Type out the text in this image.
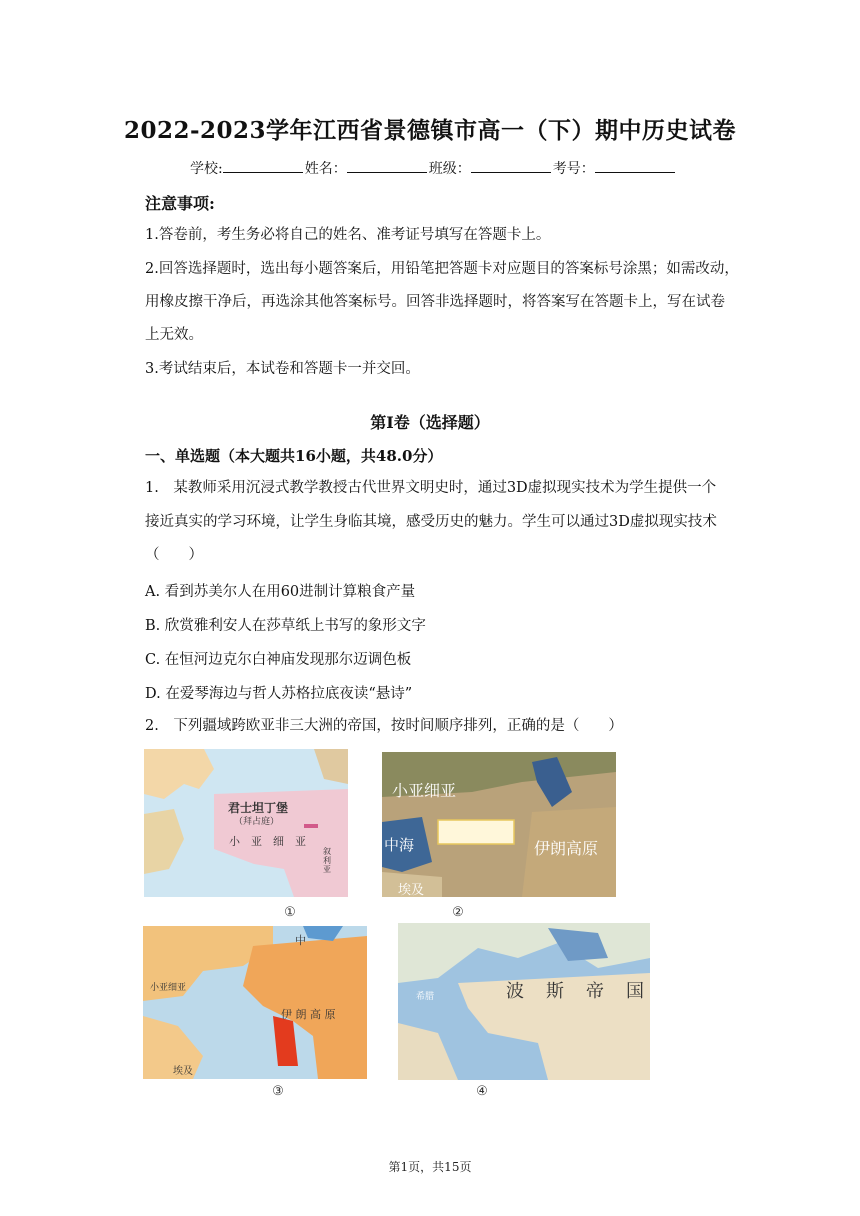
2022-2023学年江西省景德镇市高一（下）期中历史试卷
学校:	姓名：	班级：	考号：
注意事项:
1.答卷前，考生务必将自己的姓名、准考证号填写在答题卡上。
2.回答选择题时，选出每小题答案后，用铅笔把答题卡对应题目的答案标号涂黑；如需改动，
用橡皮擦干净后，再选涂其他答案标号。回答非选择题时，将答案写在答题卡上，写在试卷
上无效。
3.考试结束后，本试卷和答题卡一并交回。
第I卷（选择题）
一、单选题（本大题共16小题，共48.0分）
1.　某教师采用沉浸式教学教授古代世界文明史时，通过3D虚拟现实技术为学生提供一个
接近真实的学习环境，让学生身临其境，感受历史的魅力。学生可以通过3D虚拟现实技术
（　　）
A. 看到苏美尔人在用60进制计算粮食产量
B. 欣赏雅利安人在莎草纸上书写的象形文字
C. 在恒河边克尔白神庙发现那尔迈调色板
D. 在爱琴海边与哲人苏格拉底夜读“悬诗”
2.　下列疆域跨欧亚非三大洲的帝国，按时间顺序排列，正确的是（　　）
君士坦丁堡
（拜占庭）
小　亚　细　亚
叙利亚
①
小亚细亚
中海	伊朗高原
埃及
②
小亚细亚
伊 朗 高 原
埃及
中
③
波　斯　帝　国
希腊
④
第1页，共15页
